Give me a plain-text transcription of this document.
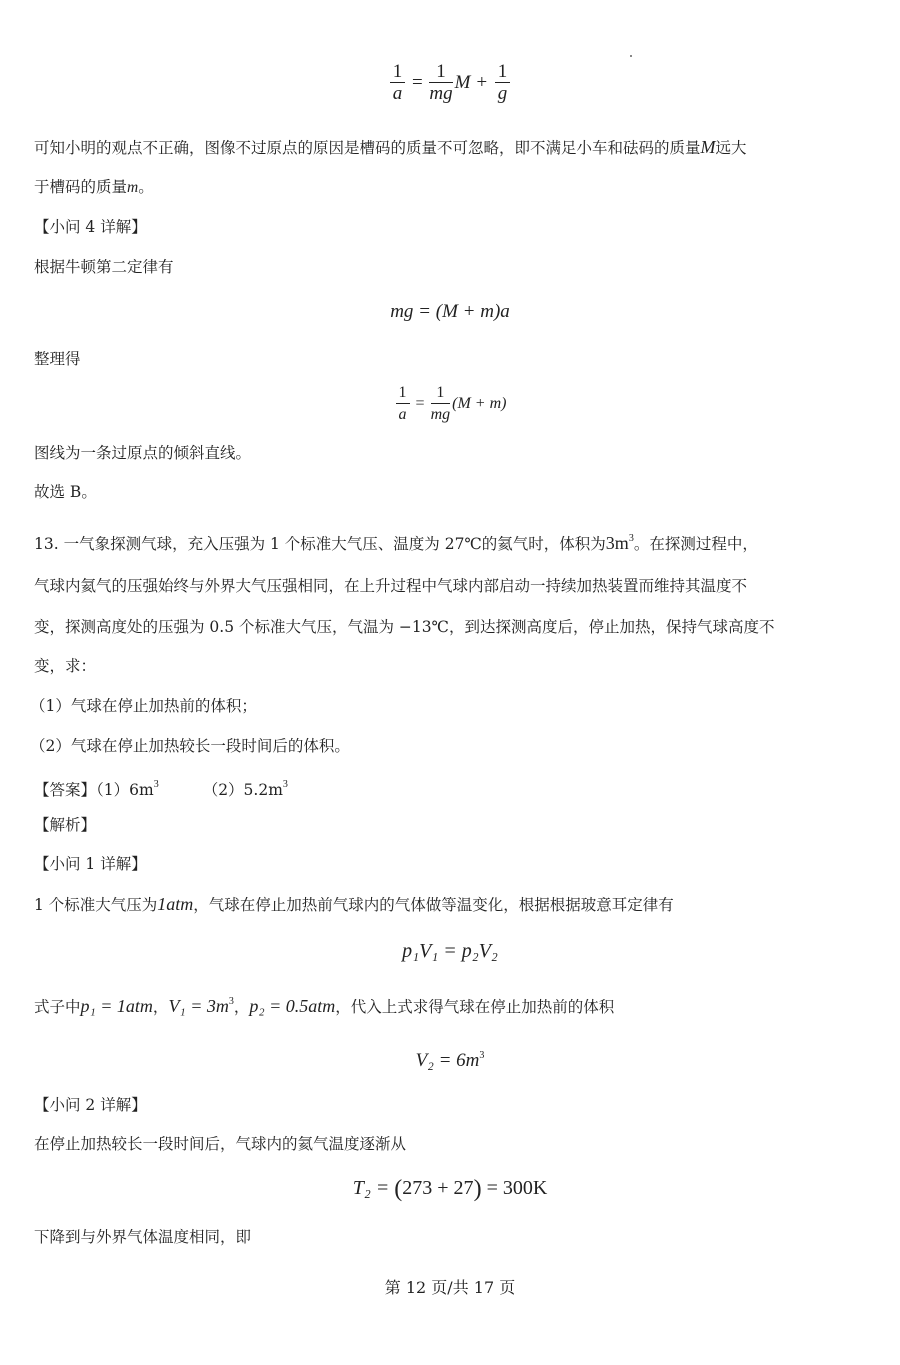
$\frac{1}{a} = \frac{1}{mg}$ $M + \frac{1}{g}$
可知小明的观点不正确，图像不过原点的原因是槽码的质量不可忽略，即不满足小车和砝码的质量M远大
于槽码的质量m。
【小问 4 详解】
根据牛顿第二定律有
mg = (M + m)a
整理得
$\frac{1}{a} = \frac{1}{mg} (M + m)$
图线为一条过原点的倾斜直线。
故选 B。
13. 一气象探测气球，充入压强为 1 个标准大气压、温度为 27℃的氦气时，体积为$3m^3$。在探测过程中，
气球内氦气的压强始终与外界大气压强相同，在上升过程中气球内部启动一持续加热装置而维持其温度不
变，探测高度处的压强为 0.5 个标准大气压，气温为 −13℃，到达探测高度后，停止加热，保持气球高度不
变，求：
（1）气球在停止加热前的体积；
（2）气球在停止加热较长一段时间后的体积。
【答案】$(1)6m^3$	$(2)5.2m^3$
【解析】
【小问 1 详解】
1 个标准大气压为1atm，气球在停止加热前气球内的气体做等温变化，根据根据玻意耳定律有
p₁V₁ = p₂V₂
式子中p₁ = 1atm，$V_1 = 3m^3$，p₂ = 0.5atm，代入上式求得气球在停止加热前的体积
$V_2 = 6m^3$
【小问 2 详解】
在停止加热较长一段时间后，气球内的氦气温度逐渐从
T₂ = (273 + 27) = 300K
下降到与外界气体温度相同，即
第 12 页/共 17 页
